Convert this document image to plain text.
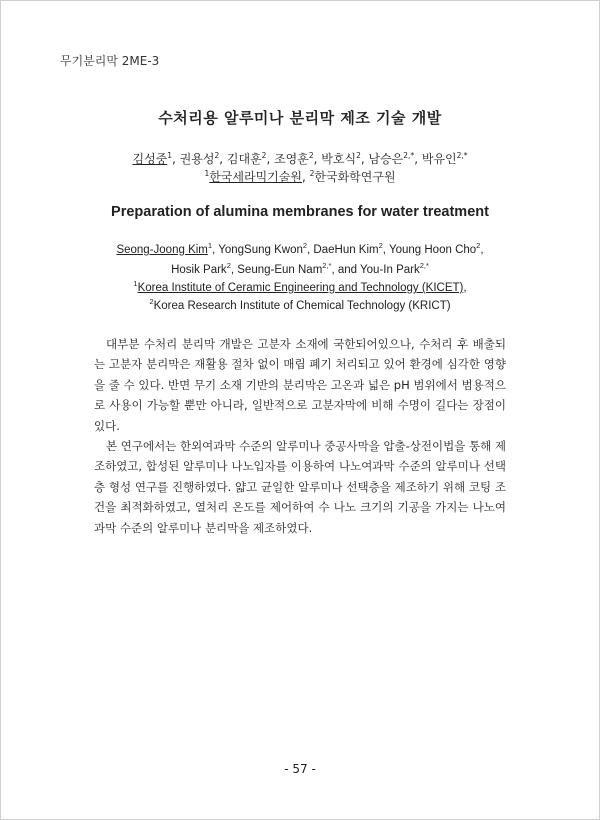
무기분리막 2ME-3
수처리용 알루미나 분리막 제조 기술 개발
김성중$^1$, 권용성$^2$, 김대훈$^2$, 조영훈$^2$, 박호식$^2$, 남승은$^{2,*}$, 박유인$^{2,*}$
$^1$한국세라믹기술원, $^2$한국화학연구원
Preparation of alumina membranes for water treatment
Seong-Joong Kim$^1$, YongSung Kwon$^2$, DaeHun Kim$^2$, Young Hoon Cho$^2$,
Hosik Park$^2$, Seung-Eun Nam$^{2,*}$, and You-In Park$^{2,*}$
$^1$Korea Institute of Ceramic Engineering and Technology (KICET),
$^2$Korea Research Institute of Chemical Technology (KRICT)

대부분 수처리 분리막 개발은 고분자 소재에 국한되어있으나, 수처리 후 배출되는 고분자 분리막은 재활용 절차 없이 매립 폐기 처리되고 있어 환경에 심각한 영향을 줄 수 있다. 반면 무기 소재 기반의 분리막은 고온과 넓은 pH 범위에서 범용적으로 사용이 가능할 뿐만 아니라, 일반적으로 고분자막에 비해 수명이 길다는 장점이 있다.

본 연구에서는 한외여과막 수준의 알루미나 중공사막을 압출-상전이법을 통해 제조하였고, 합성된 알루미나 나노입자를 이용하여 나노여과막 수준의 알루미나 선택층 형성 연구를 진행하였다. 얇고 균일한 알루미나 선택층을 제조하기 위해 코팅 조건을 최적화하였고, 열처리 온도를 제어하여 수 나노 크기의 기공을 가지는 나노여과막 수준의 알루미나 분리막을 제조하였다.

- 57 -
